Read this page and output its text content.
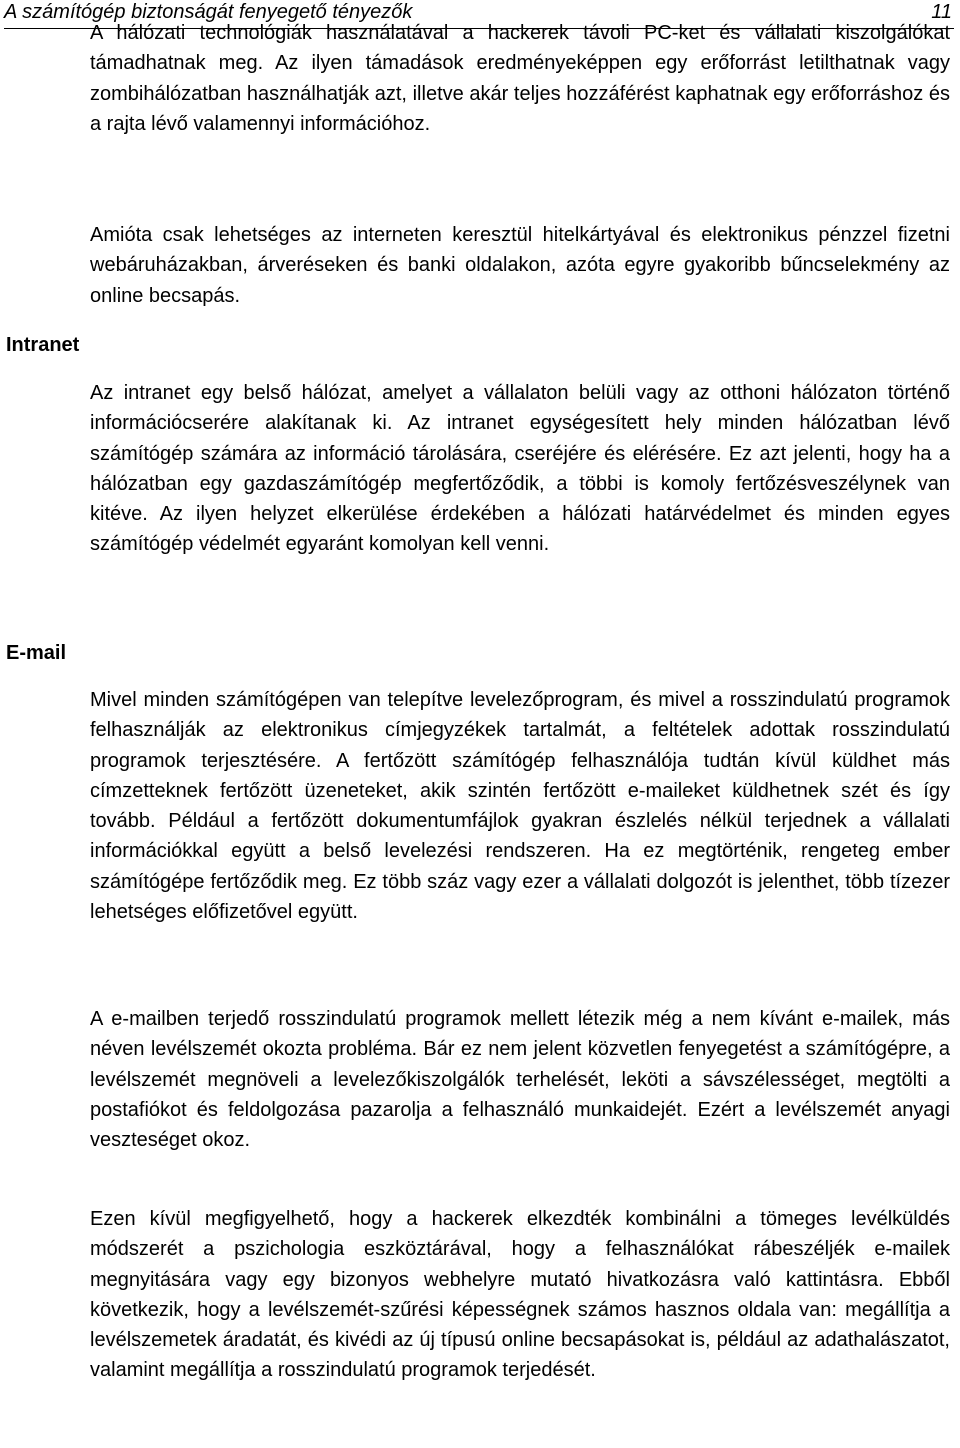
A számítógép biztonságát fenyegető tényezők	11

A hálózati technológiák használatával a hackerek távoli PC-ket és vállalati kiszolgálókat támadhatnak meg. Az ilyen támadások eredményeképpen egy erőforrást letilthatnak vagy zombihálózatban használhatják azt, illetve akár teljes hozzáférést kaphatnak egy erőforráshoz és a rajta lévő valamennyi információhoz.

Amióta csak lehetséges az interneten keresztül hitelkártyával és elektronikus pénzzel fizetni webáruházakban, árveréseken és banki oldalakon, azóta egyre gyakoribb bűncselekmény az online becsapás.

Intranet

Az intranet egy belső hálózat, amelyet a vállalaton belüli vagy az otthoni hálózaton történő információcserére alakítanak ki. Az intranet egységesített hely minden hálózatban lévő számítógép számára az információ tárolására, cseréjére és elérésére. Ez azt jelenti, hogy ha a hálózatban egy gazdaszámítógép megfertőződik, a többi is komoly fertőzésveszélynek van kitéve. Az ilyen helyzet elkerülése érdekében a hálózati határvédelmet és minden egyes számítógép védelmét egyaránt komolyan kell venni.

E-mail

Mivel minden számítógépen van telepítve levelezőprogram, és mivel a rosszindulatú programok felhasználják az elektronikus címjegyzékek tartalmát, a feltételek adottak rosszindulatú programok terjesztésére. A fertőzött számítógép felhasználója tudtán kívül küldhet más címzetteknek fertőzött üzeneteket, akik szintén fertőzött e-maileket küldhetnek szét és így tovább. Például a fertőzött dokumentumfájlok gyakran észlelés nélkül terjednek a vállalati információkkal együtt a belső levelezési rendszeren. Ha ez megtörténik, rengeteg ember számítógépe fertőződik meg. Ez több száz vagy ezer a vállalati dolgozót is jelenthet, több tízezer lehetséges előfizetővel együtt.

A e-mailben terjedő rosszindulatú programok mellett létezik még a nem kívánt e-mailek, más néven levélszemét okozta probléma. Bár ez nem jelent közvetlen fenyegetést a számítógépre, a levélszemét megnöveli a levelezőkiszolgálók terhelését, leköti a sávszélességet, megtölti a postafiókot és feldolgozása pazarolja a felhasználó munkaidejét. Ezért a levélszemét anyagi veszteséget okoz.

Ezen kívül megfigyelhető, hogy a hackerek elkezdték kombinálni a tömeges levélküldés módszerét a pszichologia eszköztárával, hogy a felhasználókat rábeszéljék e-mailek megnyitására vagy egy bizonyos webhelyre mutató hivatkozásra való kattintásra. Ebből következik, hogy a levélszemét-szűrési képességnek számos hasznos oldala van: megállítja a levélszemetek áradatát, és kivédi az új típusú online becsapásokat is, például az adathalászatot, valamint megállítja a rosszindulatú programok terjedését.
